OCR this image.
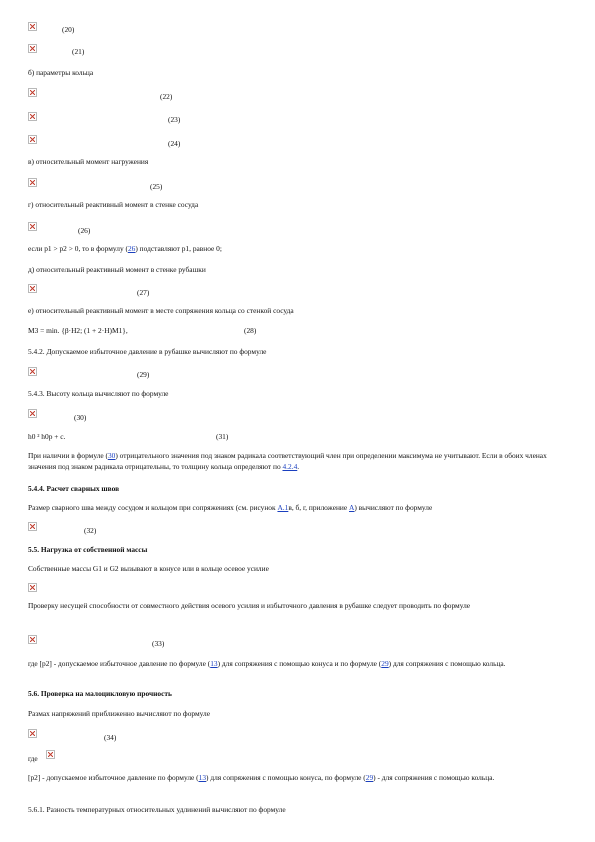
(20)
(21)
б) параметры кольца
(22)
(23)
(24)
в) относительный момент нагружения
(25)
г) относительный реактивный момент в стенке сосуда
(26)
если р1 > р2 > 0, то в формулу (26) подставляют р1, равное 0;
д) относительный реактивный момент в стенке рубашки
(27)
е) относительный реактивный момент в месте сопряжения кольца со стенкой сосуда
M3 = min. {β·H2; (1 + 2·H)M1},	(28)
5.4.2. Допускаемое избыточное давление в рубашке вычисляют по формуле
(29)
5.4.3. Высоту кольца вычисляют по формуле
(30)
h0 ² h0р + с.	(31)
При наличии в формуле (30) отрицательного значения под знаком радикала соответствующий член при определении максимума не учитывают. Если в обоих членах значения под знаком радикала отрицательны, то толщину кольца определяют по 4.2.4.
5.4.4. Расчет сварных швов
Размер сварного шва между сосудом и кольцом при сопряжениях (см. рисунок А.1в, б, г, приложение А) вычисляют по формуле
(32)
5.5. Нагрузка от собственной массы
Собственные массы G1 и G2 вызывают в конусе или в кольце осевое усилие
Проверку несущей способности от совместного действия осевого усилия и избыточного давления в рубашке следует проводить по формуле
(33)
где [р2] - допускаемое избыточное давление по формуле (13) для сопряжения с помощью конуса и по формуле (29) для сопряжения с помощью кольца.
5.6. Проверка на малоцикловую прочность
Размах напряжений приближенно вычисляют по формуле
(34)
где
[р2] - допускаемое избыточное давление по формуле (13) для сопряжения с помощью конуса, по формуле (29) - для сопряжения с помощью кольца.
5.6.1. Разность температурных относительных удлинений вычисляют по формуле
